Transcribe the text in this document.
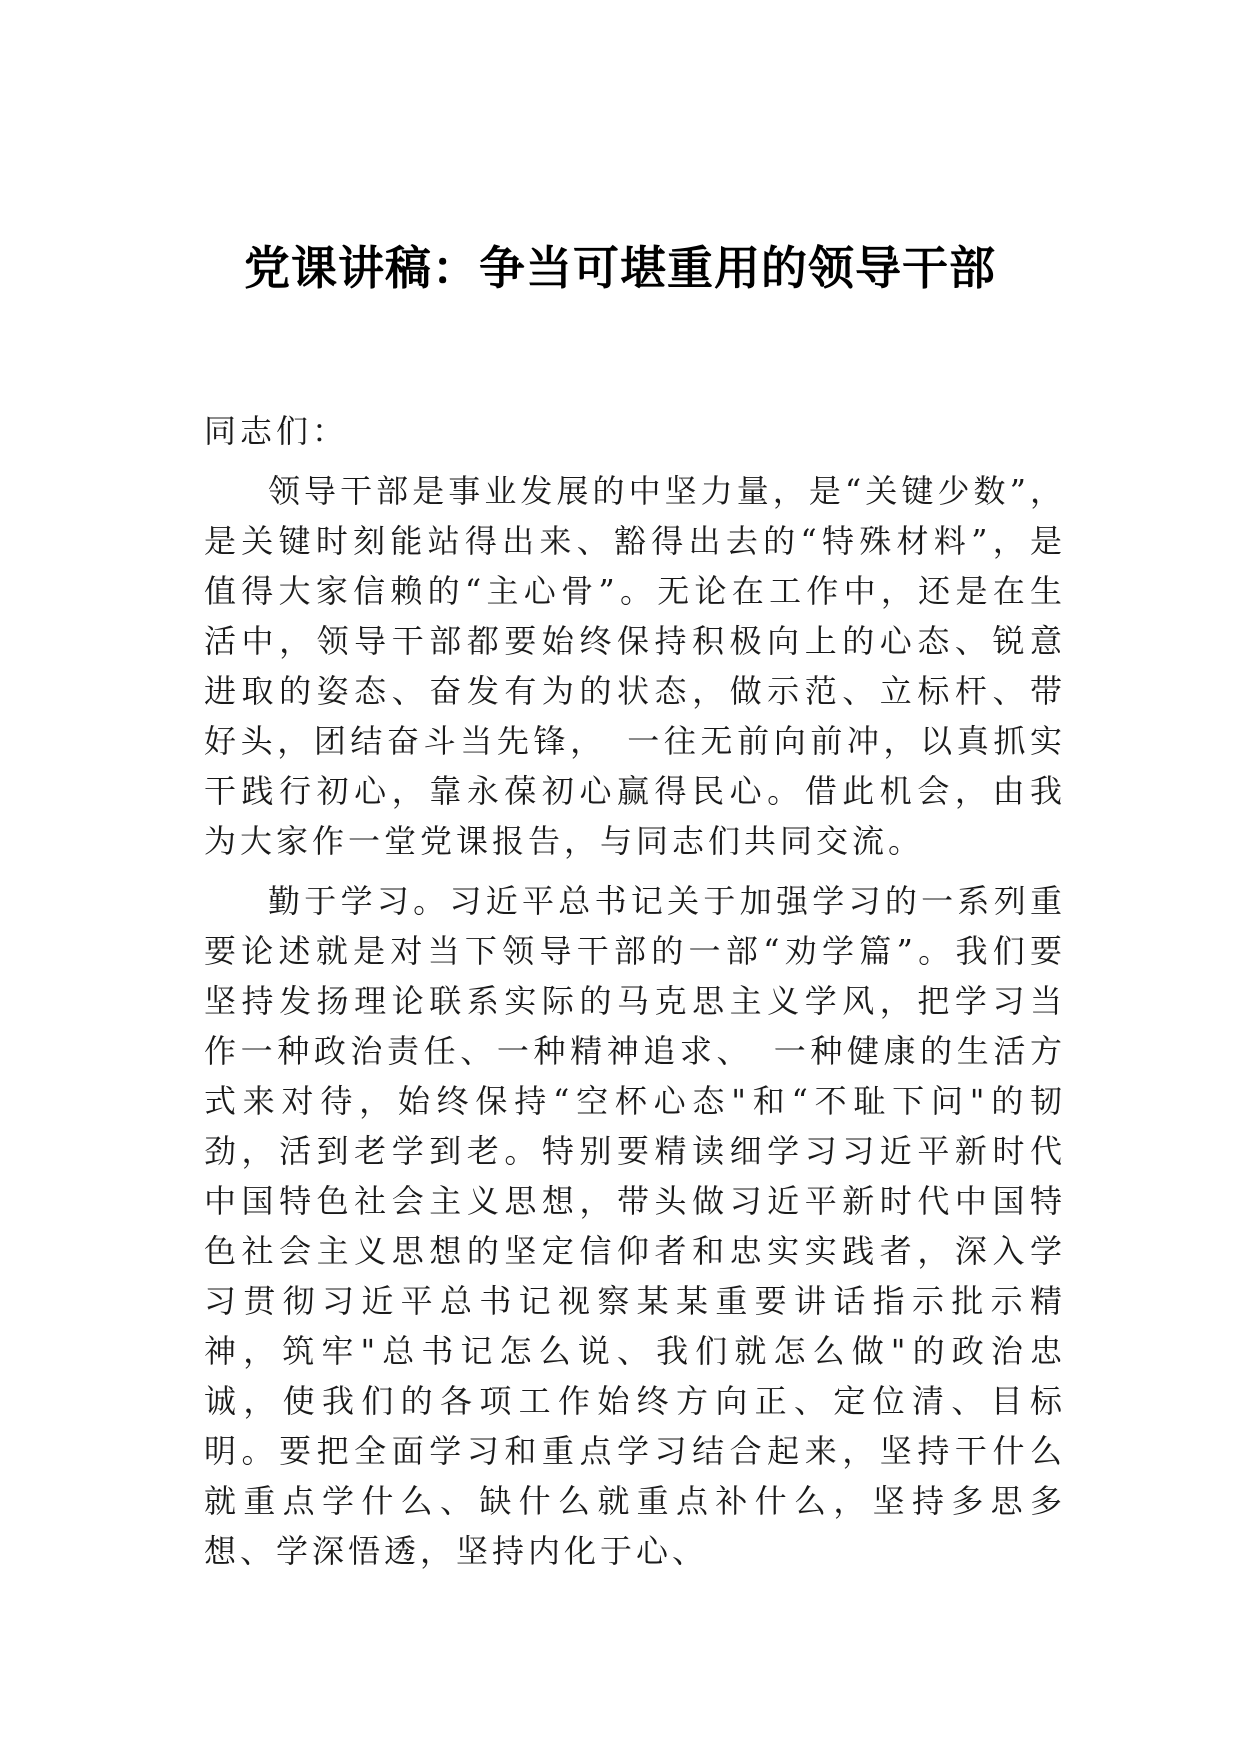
党课讲稿：争当可堪重用的领导干部

同志们：

领导干部是事业发展的中坚力量，是“关键少数”，是关键时刻能站得出来、豁得出去的“特殊材料”，是值得大家信赖的“主心骨”。无论在工作中，还是在生活中，领导干部都要始终保持积极向上的心态、锐意进取的姿态、奋发有为的状态，做示范、立标杆、带好头，团结奋斗当先锋，　一往无前向前冲，以真抓实干践行初心，靠永葆初心赢得民心。借此机会，由我为大家作一堂党课报告，与同志们共同交流。

勤于学习。习近平总书记关于加强学习的一系列重要论述就是对当下领导干部的一部“劝学篇”。我们要坚持发扬理论联系实际的马克思主义学风，把学习当作一种政治责任、一种精神追求、　一种健康的生活方式来对待，始终保持“空杯心态"和“不耻下问"的韧劲，活到老学到老。特别要精读细学习习近平新时代中国特色社会主义思想，带头做习近平新时代中国特色社会主义思想的坚定信仰者和忠实实践者，深入学习贯彻习近平总书记视察某某重要讲话指示批示精神，筑牢"总书记怎么说、我们就怎么做"的政治忠诚，使我们的各项工作始终方向正、定位清、目标明。要把全面学习和重点学习结合起来，坚持干什么就重点学什么、缺什么就重点补什么，坚持多思多想、学深悟透，坚持内化于心、
